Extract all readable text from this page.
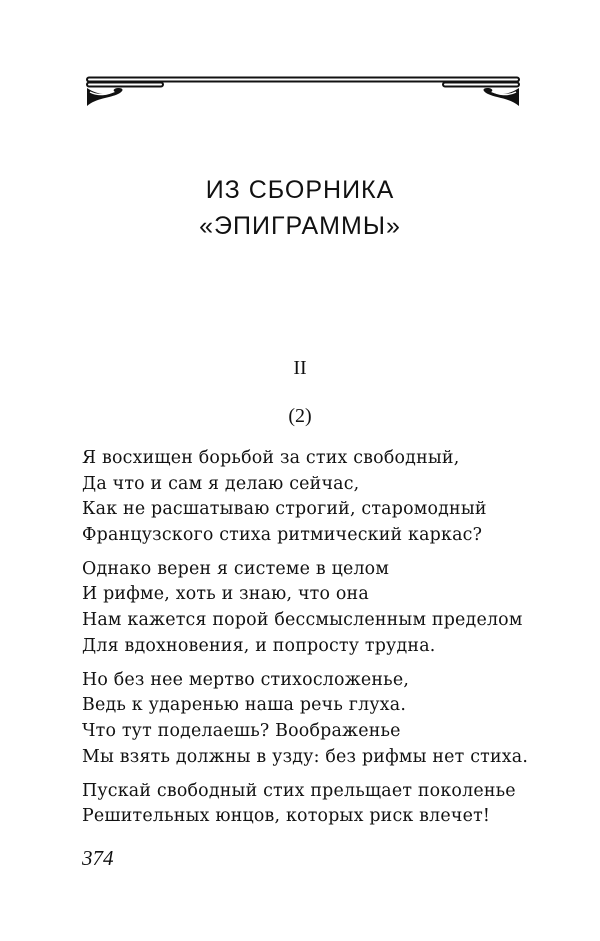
ИЗ СБОРНИКА
«ЭПИГРАММЫ»
II
(2)
Я восхищен борьбой за стих свободный,
Да что и сам я делаю сейчас,
Как не расшатываю строгий, старомодный
Французского стиха ритмический каркас?
Однако верен я системе в целом
И рифме, хоть и знаю, что она
Нам кажется порой бессмысленным пределом
Для вдохновения, и попросту трудна.
Но без нее мертво стихосложенье,
Ведь к ударенью наша речь глуха.
Что тут поделаешь? Воображенье
Мы взять должны в узду: без рифмы нет стиха.
Пускай свободный стих прельщает поколенье
Решительных юнцов, которых риск влечет!
374
